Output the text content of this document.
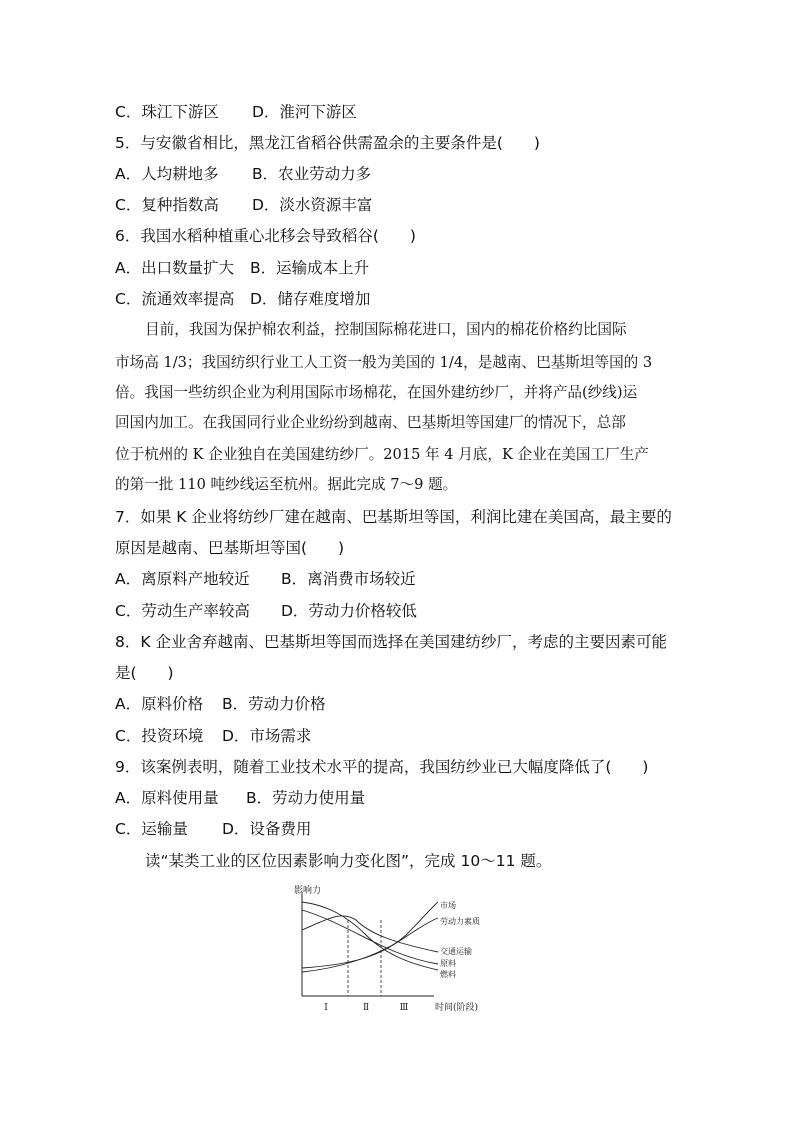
C．珠江下游区 D．淮河下游区
5．与安徽省相比，黑龙江省稻谷供需盈余的主要条件是(　　)
A．人均耕地多 B．农业劳动力多
C．复种指数高 D．淡水资源丰富
6．我国水稻种植重心北移会导致稻谷(　　)
A．出口数量扩大 B．运输成本上升
C．流通效率提高 D．储存难度增加
目前，我国为保护棉农利益，控制国际棉花进口，国内的棉花价格约比国际
市场高 1/3；我国纺织行业工人工资一般为美国的 1/4，是越南、巴基斯坦等国的 3
倍。我国一些纺织企业为利用国际市场棉花，在国外建纺纱厂，并将产品(纱线)运
回国内加工。在我国同行业企业纷纷到越南、巴基斯坦等国建厂的情况下，总部
位于杭州的 K 企业独自在美国建纺纱厂。2015 年 4 月底，K 企业在美国工厂生产
的第一批 110 吨纱线运至杭州。据此完成 7～9 题。
7．如果 K 企业将纺纱厂建在越南、巴基斯坦等国，利润比建在美国高，最主要的
原因是越南、巴基斯坦等国(　　)
A．离原料产地较近 B．离消费市场较近
C．劳动生产率较高 D．劳动力价格较低
8．K 企业舍弃越南、巴基斯坦等国而选择在美国建纺纱厂，考虑的主要因素可能
是(　　)
A．原料价格 B．劳动力价格
C．投资环境 D．市场需求
9．该案例表明，随着工业技术水平的提高，我国纺纱业已大幅度降低了(　　)
A．原料使用量 B．劳动力使用量
C．运输量 D．设备费用
读“某类工业的区位因素影响力变化图”，完成 10～11 题。
影响力
时间(阶段)
Ⅰ	Ⅱ	Ⅲ
市场
劳动力素质
交通运输
原料
燃料
